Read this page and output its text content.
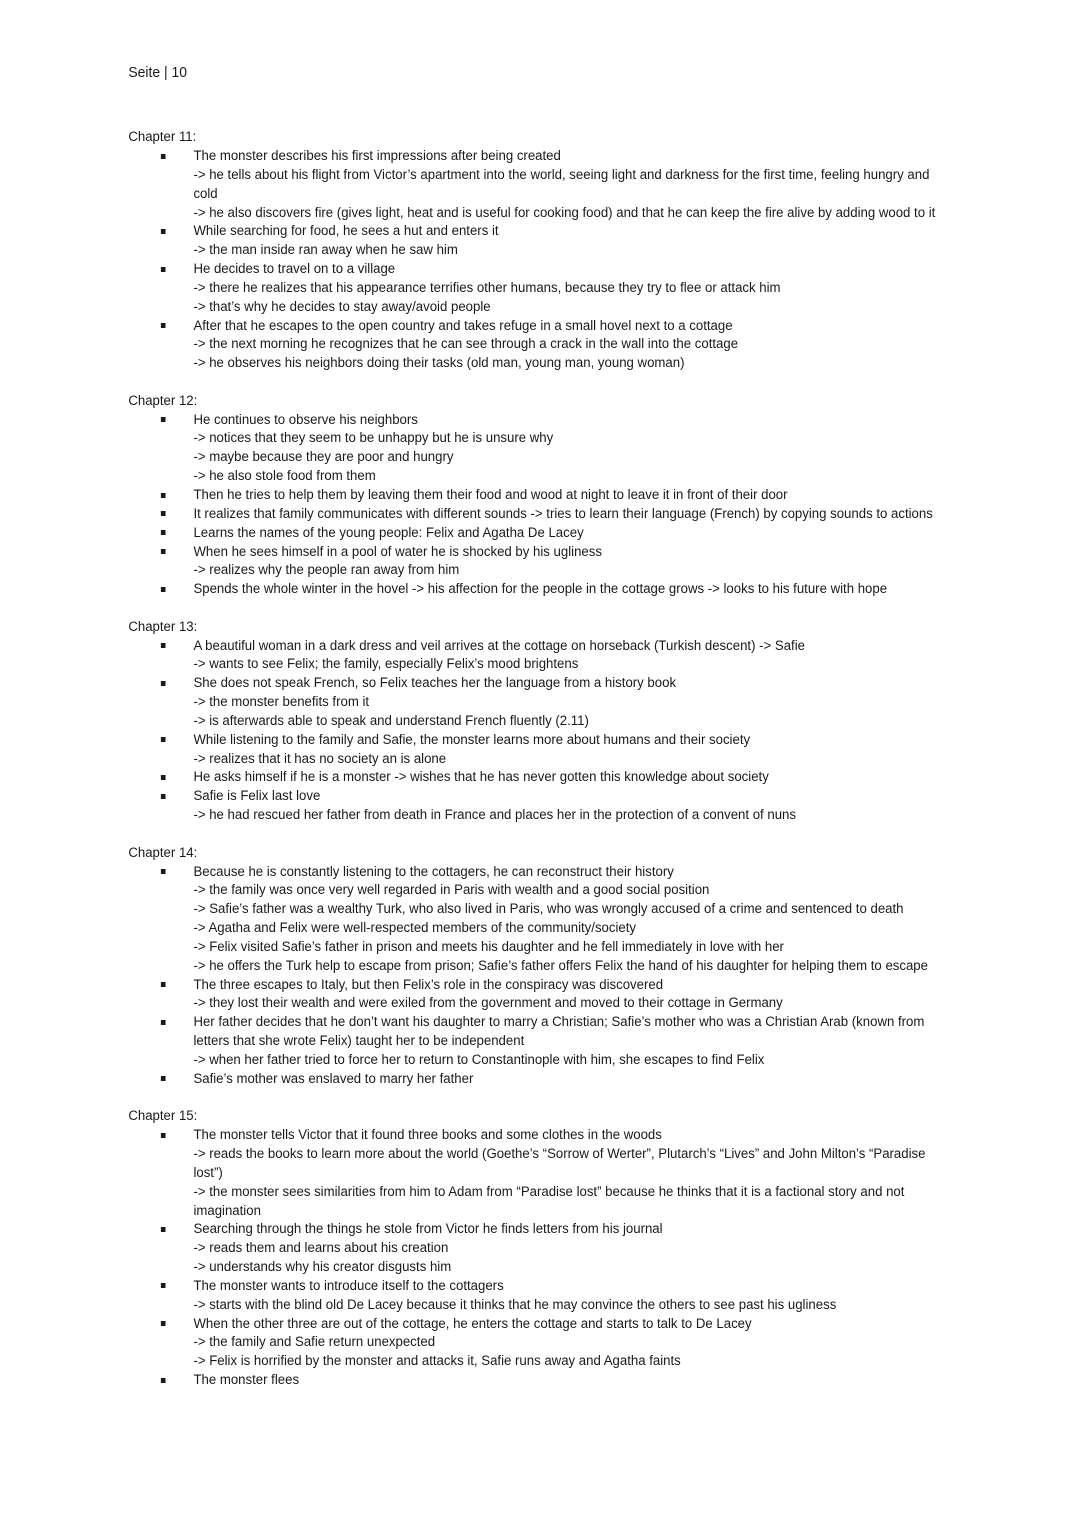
Seite | 10
Chapter 11:
The monster describes his first impressions after being created
-> he tells about his flight from Victor’s apartment into the world, seeing light and darkness for the first time, feeling hungry and
cold
-> he also discovers fire (gives light, heat and is useful for cooking food) and that he can keep the fire alive by adding wood to it
While searching for food, he sees a hut and enters it
-> the man inside ran away when he saw him
He decides to travel on to a village
-> there he realizes that his appearance terrifies other humans, because they try to flee or attack him
-> that’s why he decides to stay away/avoid people
After that he escapes to the open country and takes refuge in a small hovel next to a cottage
-> the next morning he recognizes that he can see through a crack in the wall into the cottage
-> he observes his neighbors doing their tasks (old man, young man, young woman)
Chapter 12:
He continues to observe his neighbors
-> notices that they seem to be unhappy but he is unsure why
-> maybe because they are poor and hungry
-> he also stole food from them
Then he tries to help them by leaving them their food and wood at night to leave it in front of their door
It realizes that family communicates with different sounds -> tries to learn their language (French) by copying sounds to actions
Learns the names of the young people: Felix and Agatha De Lacey
When he sees himself in a pool of water he is shocked by his ugliness
-> realizes why the people ran away from him
Spends the whole winter in the hovel -> his affection for the people in the cottage grows -> looks to his future with hope
Chapter 13:
A beautiful woman in a dark dress and veil arrives at the cottage on horseback (Turkish descent) -> Safie
-> wants to see Felix; the family, especially Felix’s mood brightens
She does not speak French, so Felix teaches her the language from a history book
-> the monster benefits from it
-> is afterwards able to speak and understand French fluently (2.11)
While listening to the family and Safie, the monster learns more about humans and their society
-> realizes that it has no society an is alone
He asks himself if he is a monster -> wishes that he has never gotten this knowledge about society
Safie is Felix last love
-> he had rescued her father from death in France and places her in the protection of a convent of nuns
Chapter 14:
Because he is constantly listening to the cottagers, he can reconstruct their history
-> the family was once very well regarded in Paris with wealth and a good social position
-> Safie’s father was a wealthy Turk, who also lived in Paris, who was wrongly accused of a crime and sentenced to death
-> Agatha and Felix were well-respected members of the community/society
-> Felix visited Safie’s father in prison and meets his daughter and he fell immediately in love with her
-> he offers the Turk help to escape from prison; Safie’s father offers Felix the hand of his daughter for helping them to escape
The three escapes to Italy, but then Felix’s role in the conspiracy was discovered
-> they lost their wealth and were exiled from the government and moved to their cottage in Germany
Her father decides that he don’t want his daughter to marry a Christian; Safie’s mother who was a Christian Arab (known from
letters that she wrote Felix) taught her to be independent
-> when her father tried to force her to return to Constantinople with him, she escapes to find Felix
Safie’s mother was enslaved to marry her father
Chapter 15:
The monster tells Victor that it found three books and some clothes in the woods
-> reads the books to learn more about the world (Goethe’s “Sorrow of Werter”, Plutarch’s “Lives” and John Milton’s “Paradise
lost”)
-> the monster sees similarities from him to Adam from “Paradise lost” because he thinks that it is a factional story and not
imagination
Searching through the things he stole from Victor he finds letters from his journal
-> reads them and learns about his creation
-> understands why his creator disgusts him
The monster wants to introduce itself to the cottagers
-> starts with the blind old De Lacey because it thinks that he may convince the others to see past his ugliness
When the other three are out of the cottage, he enters the cottage and starts to talk to De Lacey
-> the family and Safie return unexpected
-> Felix is horrified by the monster and attacks it, Safie runs away and Agatha faints
The monster flees
